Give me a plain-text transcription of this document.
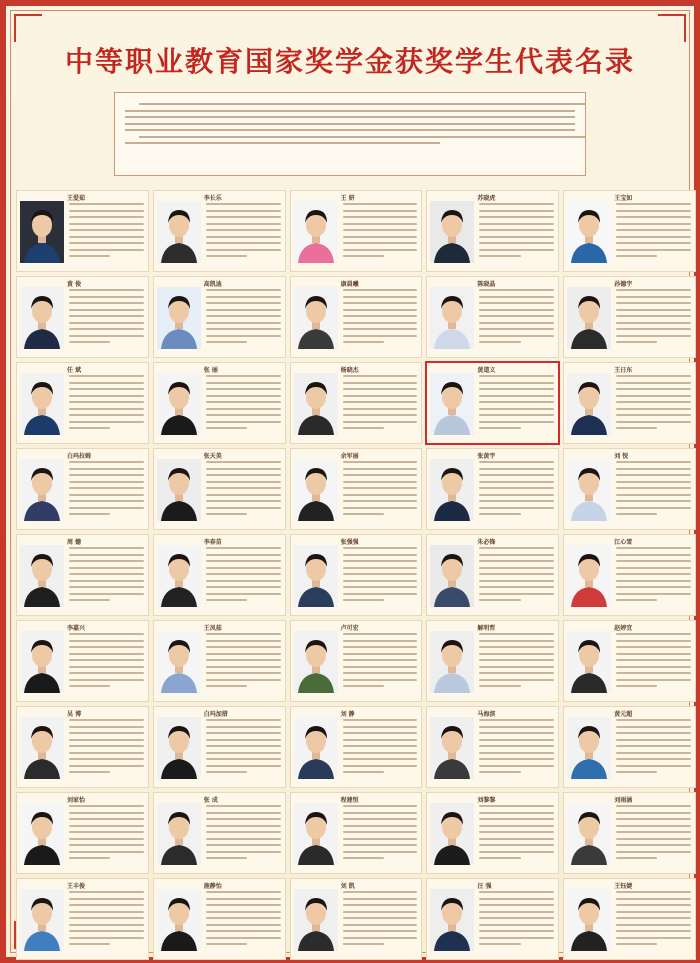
中等职业教育国家奖学金获奖学生代表名录
王爱茹	李长乐	王 妍	苏晓虎	王宝如
黄 俊	高凯迪	康晨曦	陈晓晶	孙德宇
任 斌	张 丽	杨晓杰	黄道义	王日东
白玛拉姆	张天美	余军丽	张黄宇	刘 悦
周 姗	李春苗	张强强	朱必锋	江心雪
李嘉兴	王凤茹	卢可宏	解明哲	赵婷宜
吴 博	白玛加措	刘 静	马海滨	黄元超
刘家怡	张 成	程建恒	刘黎黎	刘雨涵
王丰俊	施静怡	刘 凯	汪 强	王钰婕
